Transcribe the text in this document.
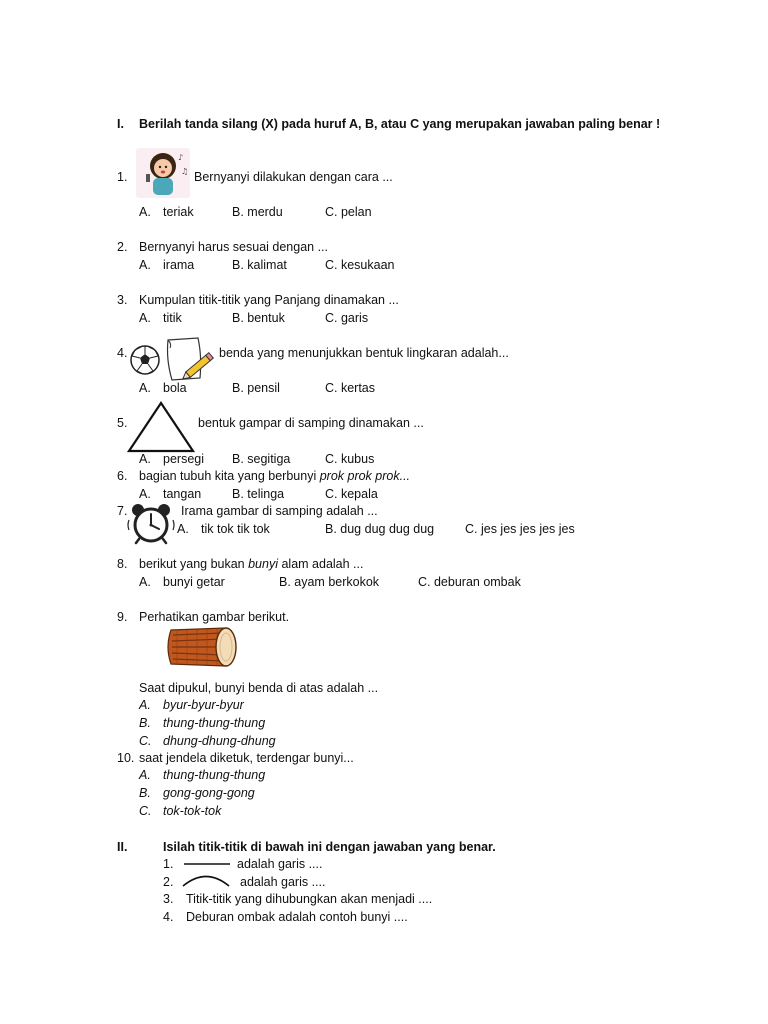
I. Berilah tanda silang (X) pada huruf A, B, atau C yang merupakan jawaban paling benar !
1.
♪
♫ Bernyanyi dilakukan dengan cara ...
A. teriak	B. merdu	C. pelan
2. Bernyanyi harus sesuai dengan ...
A. irama	B. kalimat	C. kesukaan
3. Kumpulan titik-titik yang Panjang dinamakan ...
A. titik	B. bentuk	C. garis
4.	benda yang menunjukkan bentuk lingkaran adalah...
A. bola	B. pensil	C. kertas
5.	bentuk gampar di samping dinamakan ...
A. persegi B. segitiga	C. kubus
6. bagian tubuh kita yang berbunyi prok prok prok...
A. tangan B. telinga	C. kepala
7.	Irama gambar di samping adalah ...
A. tik tok tik tok	B. dug dug dug dug C. jes jes jes jes jes
8. berikut yang bukan bunyi alam adalah ...
A. bunyi getar	B. ayam berkokok	C. deburan ombak
9. Perhatikan gambar berikut.
Saat dipukul, bunyi benda di atas adalah ...
A. byur-byur-byur
B. thung-thung-thung
C. dhung-dhung-dhung
10. saat jendela diketuk, terdengar bunyi...
A. thung-thung-thung
B. gong-gong-gong
C. tok-tok-tok
II.	Isilah titik-titik di bawah ini dengan jawaban yang benar.
1.	adalah garis ....
2.	adalah garis ....
3. Titik-titik yang dihubungkan akan menjadi ....
4. Deburan ombak adalah contoh bunyi ....
